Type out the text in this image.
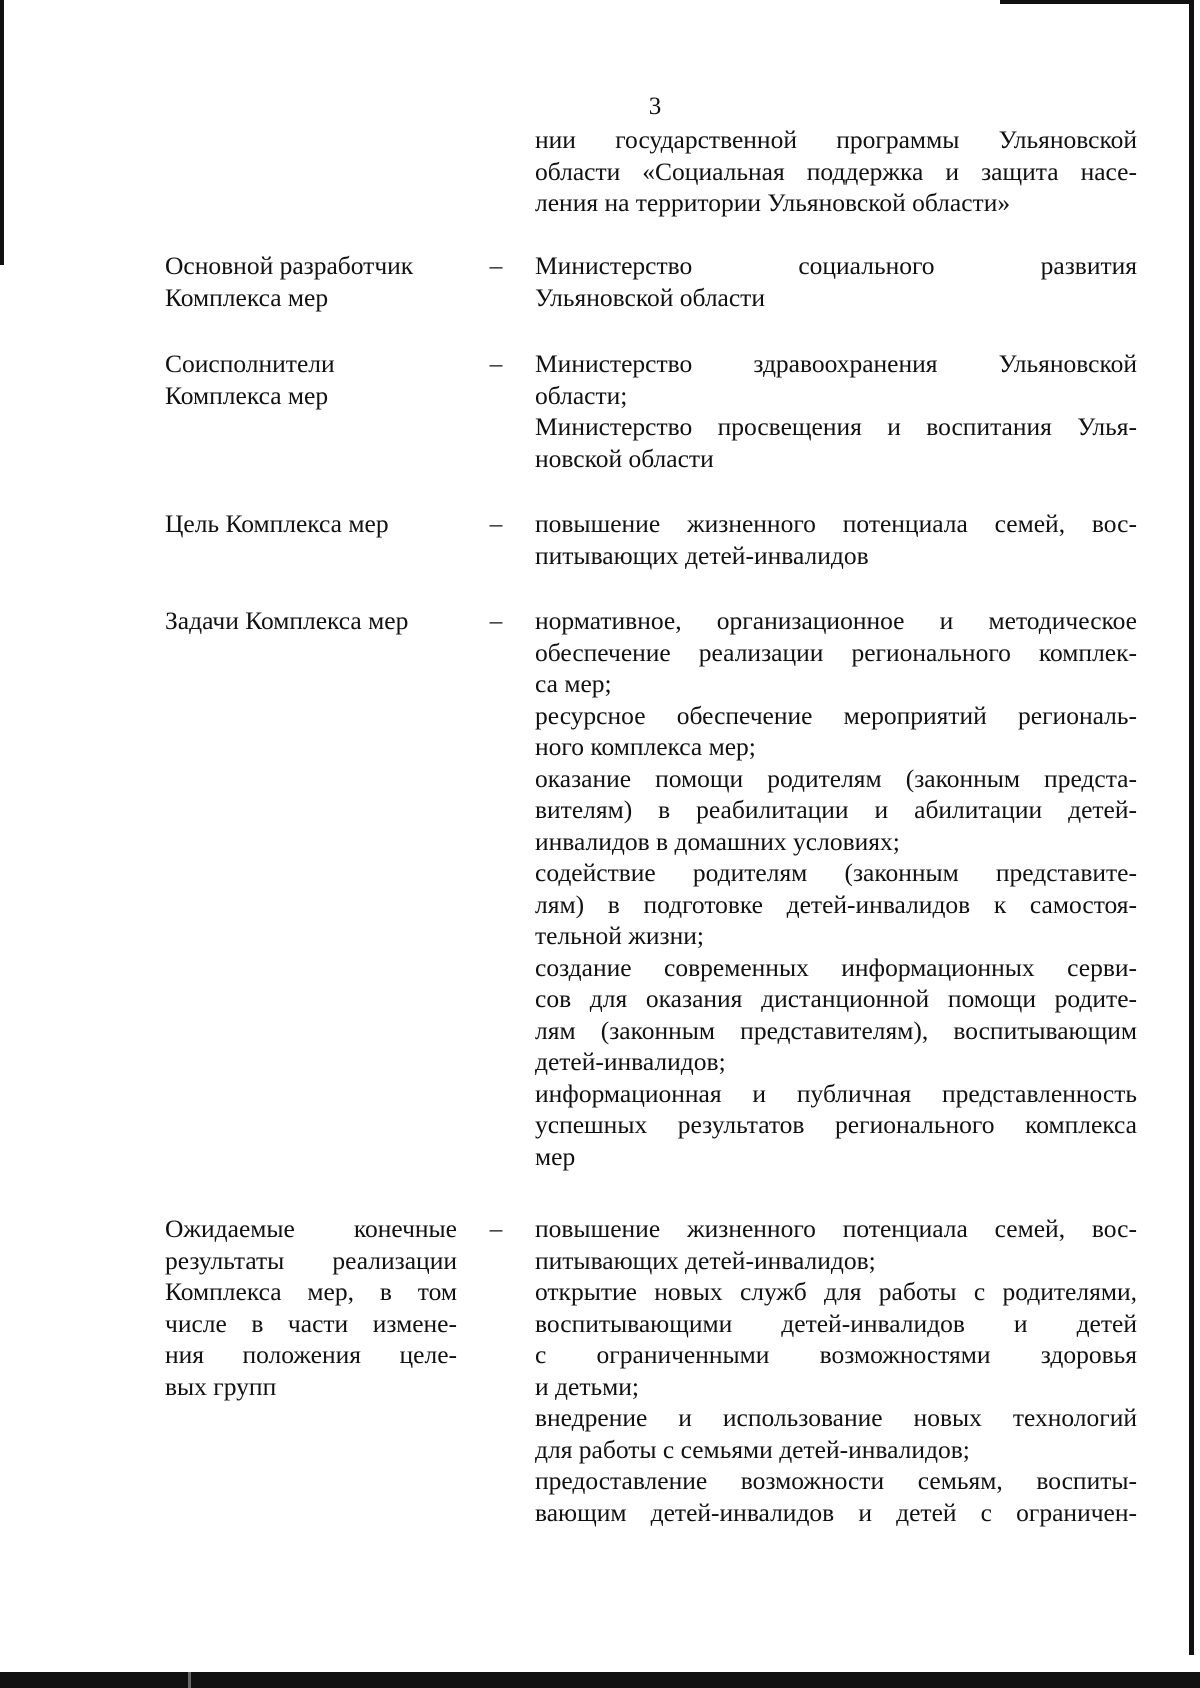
3
нии государственной программы Ульяновской
области «Социальная поддержка и защита насе-
ления на территории Ульяновской области»
Основной разработчик
Комплекса мер
– Министерство социального развития
Ульяновской области
Соисполнители
Комплекса мер
– Министерство здравоохранения Ульяновской
области;
Министерство просвещения и воспитания Улья-
новской области
Цель Комплекса мер	– повышение жизненного потенциала семей, вос-
питывающих детей-инвалидов
Задачи Комплекса мер	– нормативное, организационное и методическое
обеспечение реализации регионального комплек-
са мер;
ресурсное обеспечение мероприятий региональ-
ного комплекса мер;
оказание помощи родителям (законным предста-
вителям) в реабилитации и абилитации детей-
инвалидов в домашних условиях;
содействие родителям (законным представите-
лям) в подготовке детей-инвалидов к самостоя-
тельной жизни;
создание современных информационных серви-
сов для оказания дистанционной помощи родите-
лям (законным представителям), воспитывающим
детей-инвалидов;
информационная и публичная представленность
успешных результатов регионального комплекса
мер
Ожидаемые конечные
результаты реализации
Комплекса мер, в том
числе в части измене-
ния положения целе-
вых групп
– повышение жизненного потенциала семей, вос-
питывающих детей-инвалидов;
открытие новых служб для работы с родителями,
воспитывающими детей-инвалидов и детей
с ограниченными возможностями здоровья
и детьми;
внедрение и использование новых технологий
для работы с семьями детей-инвалидов;
предоставление возможности семьям, воспиты-
вающим детей-инвалидов и детей с ограничен-
